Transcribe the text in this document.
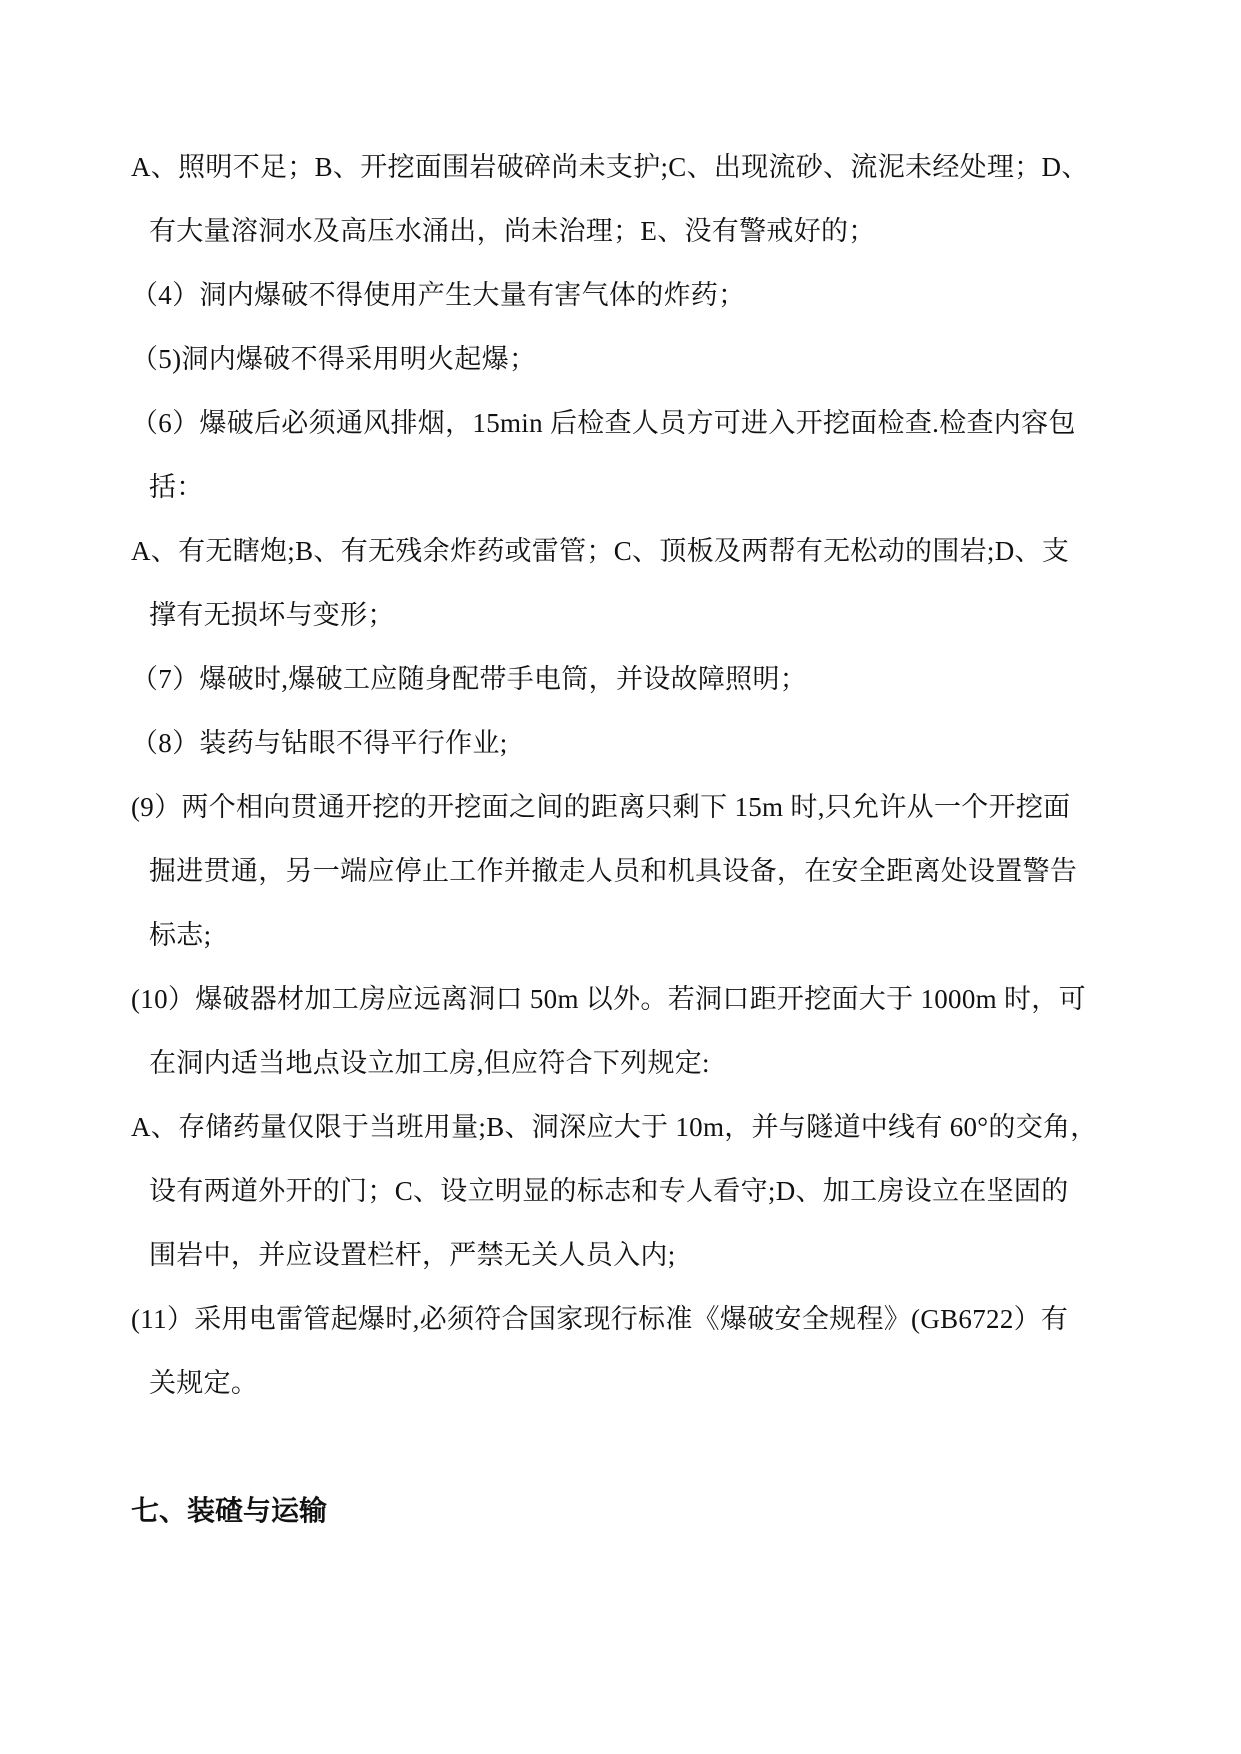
A、照明不足；B、开挖面围岩破碎尚未支护;C、出现流砂、流泥未经处理；D、
有大量溶洞水及高压水涌出，尚未治理；E、没有警戒好的；
（4）洞内爆破不得使用产生大量有害气体的炸药；
（5)洞内爆破不得采用明火起爆；
（6）爆破后必须通风排烟，15min 后检查人员方可进入开挖面检查.检查内容包
括：
A、有无瞎炮;B、有无残余炸药或雷管；C、顶板及两帮有无松动的围岩;D、支
撑有无损坏与变形；
（7）爆破时,爆破工应随身配带手电筒，并设故障照明；
（8）装药与钻眼不得平行作业;
(9）两个相向贯通开挖的开挖面之间的距离只剩下 15m 时,只允许从一个开挖面
掘进贯通，另一端应停止工作并撤走人员和机具设备，在安全距离处设置警告
标志;
(10）爆破器材加工房应远离洞口 50m 以外。若洞口距开挖面大于 1000m 时，可
在洞内适当地点设立加工房,但应符合下列规定:
A、存储药量仅限于当班用量;B、洞深应大于 10m，并与隧道中线有 60°的交角，
设有两道外开的门；C、设立明显的标志和专人看守;D、加工房设立在坚固的
围岩中，并应设置栏杆，严禁无关人员入内;
(11）采用电雷管起爆时,必须符合国家现行标准《爆破安全规程》(GB6722）有
关规定。
七、装碴与运输
